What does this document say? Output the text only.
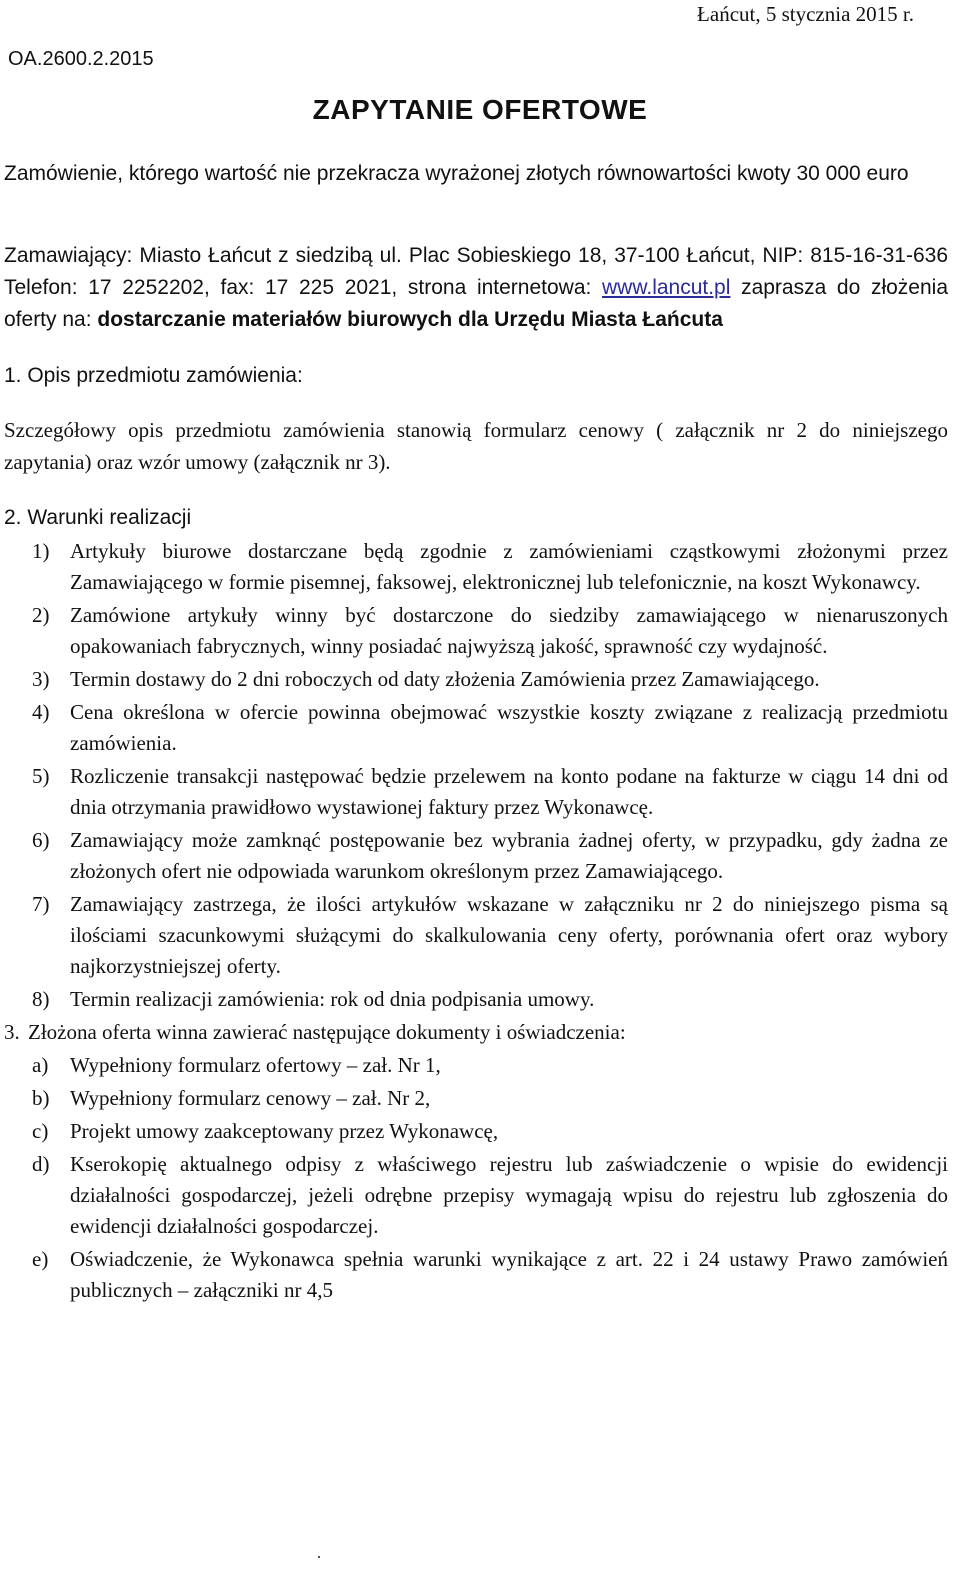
Łańcut, 5 stycznia 2015 r.
OA.2600.2.2015
ZAPYTANIE OFERTOWE
Zamówienie, którego wartość nie przekracza wyrażonej złotych równowartości kwoty 30 000 euro
Zamawiający: Miasto Łańcut z siedzibą ul. Plac Sobieskiego 18, 37-100 Łańcut, NIP: 815-16-31-636 Telefon: 17 2252202, fax: 17 225 2021, strona internetowa: www.lancut.pl zaprasza do złożenia oferty na: dostarczanie materiałów biurowych dla Urzędu Miasta Łańcuta
1. Opis przedmiotu zamówienia:
Szczegółowy opis przedmiotu zamówienia stanowią formularz cenowy ( załącznik nr 2 do niniejszego zapytania) oraz wzór umowy (załącznik nr 3).
2. Warunki realizacji
1) Artykuły biurowe dostarczane będą zgodnie z zamówieniami cząstkowymi złożonymi przez Zamawiającego w formie pisemnej, faksowej, elektronicznej lub telefonicznie, na koszt Wykonawcy.
2) Zamówione artykuły winny być dostarczone do siedziby zamawiającego w nienaruszonych opakowaniach fabrycznych, winny posiadać najwyższą jakość, sprawność czy wydajność.
3) Termin dostawy do 2 dni roboczych od daty złożenia Zamówienia przez Zamawiającego.
4) Cena określona w ofercie powinna obejmować wszystkie koszty związane z realizacją przedmiotu zamówienia.
5) Rozliczenie transakcji następować będzie przelewem na konto podane na fakturze w ciągu 14 dni od dnia otrzymania prawidłowo wystawionej faktury przez Wykonawcę.
6) Zamawiający może zamknąć postępowanie bez wybrania żadnej oferty, w przypadku, gdy żadna ze złożonych ofert nie odpowiada warunkom określonym przez Zamawiającego.
7) Zamawiający zastrzega, że ilości artykułów wskazane w załączniku nr 2 do niniejszego pisma są ilościami szacunkowymi służącymi do skalkulowania ceny oferty, porównania ofert oraz wybory najkorzystniejszej oferty.
8) Termin realizacji zamówienia: rok od dnia podpisania umowy.
3. Złożona oferta winna zawierać następujące dokumenty i oświadczenia:
a)	Wypełniony formularz ofertowy – zał. Nr 1,
b) Wypełniony formularz cenowy – zał. Nr 2,
c)	Projekt umowy zaakceptowany przez Wykonawcę,
d) Kserokopię aktualnego odpisy z właściwego rejestru lub zaświadczenie o wpisie do ewidencji działalności gospodarczej, jeżeli odrębne przepisy wymagają wpisu do rejestru lub zgłoszenia do ewidencji działalności gospodarczej.
e)	Oświadczenie, że Wykonawca spełnia warunki wynikające z art. 22 i 24 ustawy Prawo zamówień publicznych – załączniki nr 4,5
